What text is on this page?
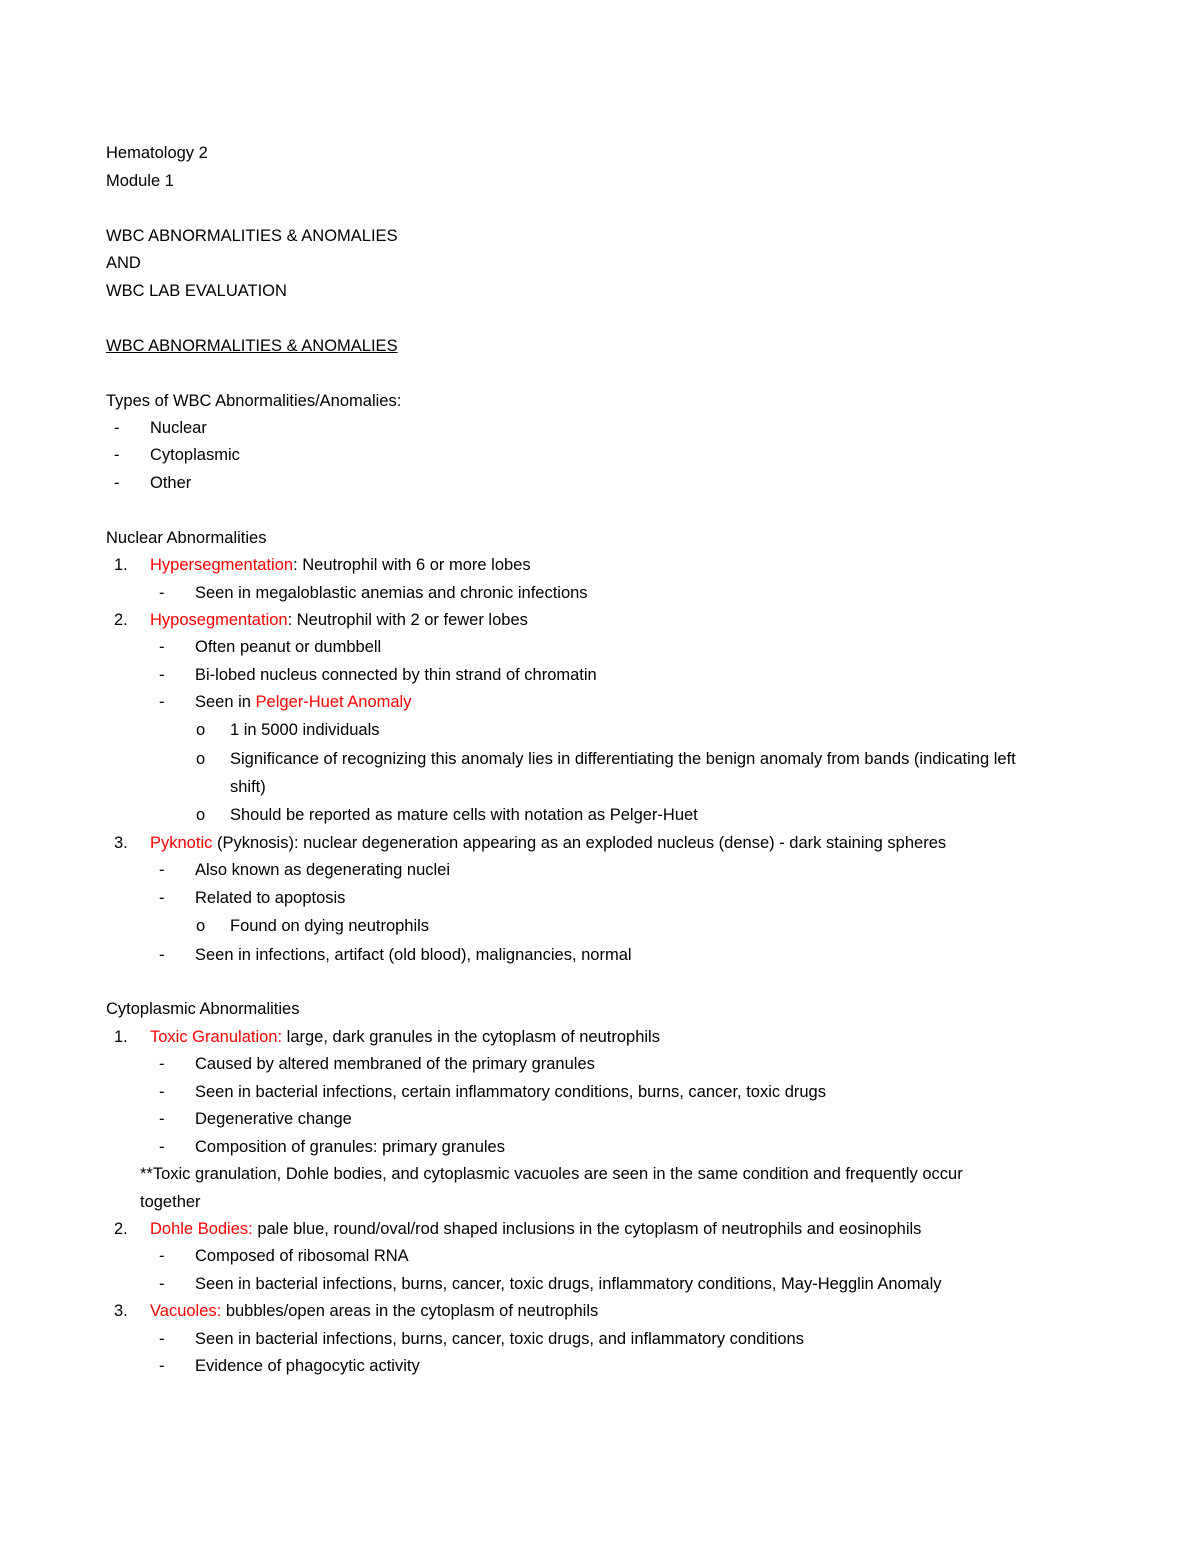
Hematology 2
Module 1
WBC ABNORMALITIES & ANOMALIES
AND
WBC LAB EVALUATION
WBC ABNORMALITIES & ANOMALIES
Types of WBC Abnormalities/Anomalies:
- Nuclear
- Cytoplasmic
- Other
Nuclear Abnormalities
1. Hypersegmentation: Neutrophil with 6 or more lobes
- Seen in megaloblastic anemias and chronic infections
2. Hyposegmentation: Neutrophil with 2 or fewer lobes
- Often peanut or dumbbell
- Bi-lobed nucleus connected by thin strand of chromatin
- Seen in Pelger-Huet Anomaly
o 1 in 5000 individuals
o Significance of recognizing this anomaly lies in differentiating the benign anomaly from bands (indicating left
shift)
o Should be reported as mature cells with notation as Pelger-Huet
3. Pyknotic (Pyknosis): nuclear degeneration appearing as an exploded nucleus (dense) - dark staining spheres
- Also known as degenerating nuclei
- Related to apoptosis
o Found on dying neutrophils
- Seen in infections, artifact (old blood), malignancies, normal
Cytoplasmic Abnormalities
1. Toxic Granulation: large, dark granules in the cytoplasm of neutrophils
- Caused by altered membraned of the primary granules
- Seen in bacterial infections, certain inflammatory conditions, burns, cancer, toxic drugs
- Degenerative change
- Composition of granules: primary granules
**Toxic granulation, Dohle bodies, and cytoplasmic vacuoles are seen in the same condition and frequently occur
together
2. Dohle Bodies: pale blue, round/oval/rod shaped inclusions in the cytoplasm of neutrophils and eosinophils
- Composed of ribosomal RNA
- Seen in bacterial infections, burns, cancer, toxic drugs, inflammatory conditions, May-Hegglin Anomaly
3. Vacuoles: bubbles/open areas in the cytoplasm of neutrophils
- Seen in bacterial infections, burns, cancer, toxic drugs, and inflammatory conditions
- Evidence of phagocytic activity
